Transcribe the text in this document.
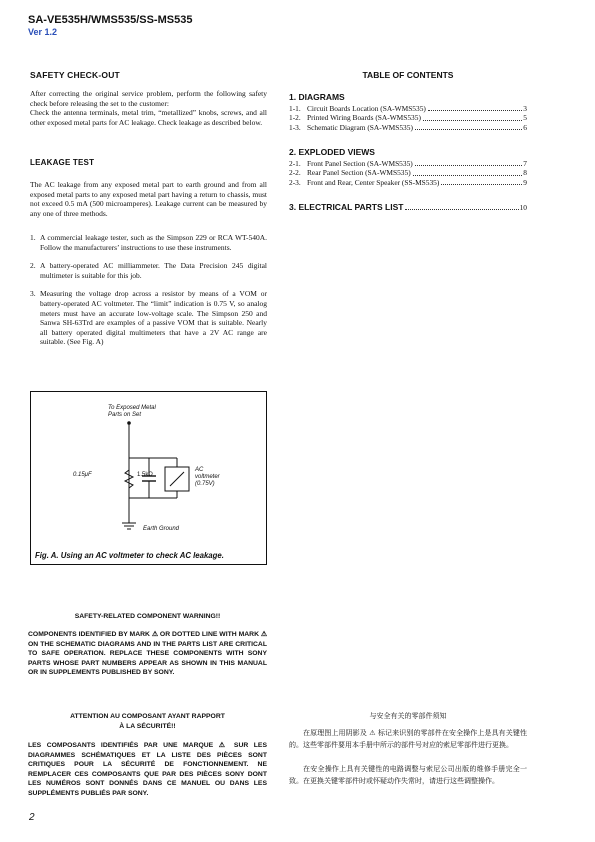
SA-VE535H/WMS535/SS-MS535
Ver 1.2
SAFETY CHECK-OUT
After correcting the original service problem, perform the following safety check before releasing the set to the customer:
Check the antenna terminals, metal trim, “metallized” knobs, screws, and all other exposed metal parts for AC leakage. Check leakage as described below.
LEAKAGE TEST
The AC leakage from any exposed metal part to earth ground and from all exposed metal parts to any exposed metal part having a return to chassis, must not exceed 0.5 mA (500 microamperes). Leakage current can be measured by any one of three methods.
1. A commercial leakage tester, such as the Simpson 229 or RCA WT-540A. Follow the manufacturers’ instructions to use these instruments.
2. A battery-operated AC milliammeter. The Data Precision 245 digital multimeter is suitable for this job.
3. Measuring the voltage drop across a resistor by means of a VOM or battery-operated AC voltmeter. The “limit” indication is 0.75 V, so analog meters must have an accurate low-voltage scale. The Simpson 250 and Sanwa SH-63Trd are examples of a passive VOM that is suitable. Nearly all battery operated digital multimeters that have a 2V AC range are suitable. (See Fig. A)
To Exposed Metal
Parts on Set
0.15μF	1.5kΩ
AC
voltmeter
(0.75V)
Earth Ground
Fig. A. Using an AC voltmeter to check AC leakage.
SAFETY-RELATED COMPONENT WARNING!!
COMPONENTS IDENTIFIED BY MARK ⚠ OR DOTTED LINE WITH MARK ⚠ ON THE SCHEMATIC DIAGRAMS AND IN THE PARTS LIST ARE CRITICAL TO SAFE OPERATION. REPLACE THESE COMPONENTS WITH SONY PARTS WHOSE PART NUMBERS APPEAR AS SHOWN IN THIS MANUAL OR IN SUPPLEMENTS PUBLISHED BY SONY.
ATTENTION AU COMPOSANT AYANT RAPPORT
À LA SÉCURITÉ!!
LES COMPOSANTS IDENTIFIÉS PAR UNE MARQUE ⚠ SUR LES DIAGRAMMES SCHÉMATIQUES ET LA LISTE DES PIÈCES SONT CRITIQUES POUR LA SÉCURITÉ DE FONCTIONNEMENT. NE REMPLACER CES COMPOSANTS QUE PAR DES PIÈCES SONY DONT LES NUMÉROS SONT DONNÉS DANS CE MANUEL OU DANS LES SUPPLÉMENTS PUBLIÉS PAR SONY.
TABLE OF CONTENTS
1. DIAGRAMS
1-1. Circuit Boards Location (SA-WMS535)	3
1-2. Printed Wiring Boards (SA-WMS535)	5
1-3. Schematic Diagram (SA-WMS535)	6
2. EXPLODED VIEWS
2-1. Front Panel Section (SA-WMS535)	7
2-2. Rear Panel Section (SA-WMS535)	8
2-3. Front and Rear, Center Speaker (SS-MS535)	9
3. ELECTRICAL PARTS LIST	10
与安全有关的零部件须知
在原理图上用阴影及 ⚠ 标记来识别的零部件在安全操作上是具有关键性的。这些零部件要用本手册中所示的部件号对应的索尼零部件进行更换。
在安全操作上具有关键性的电路调整与索尼公司出版的维修手册完全一致。在更换关键零部件时或怀疑动作失常时，请进行这些调整操作。
2
